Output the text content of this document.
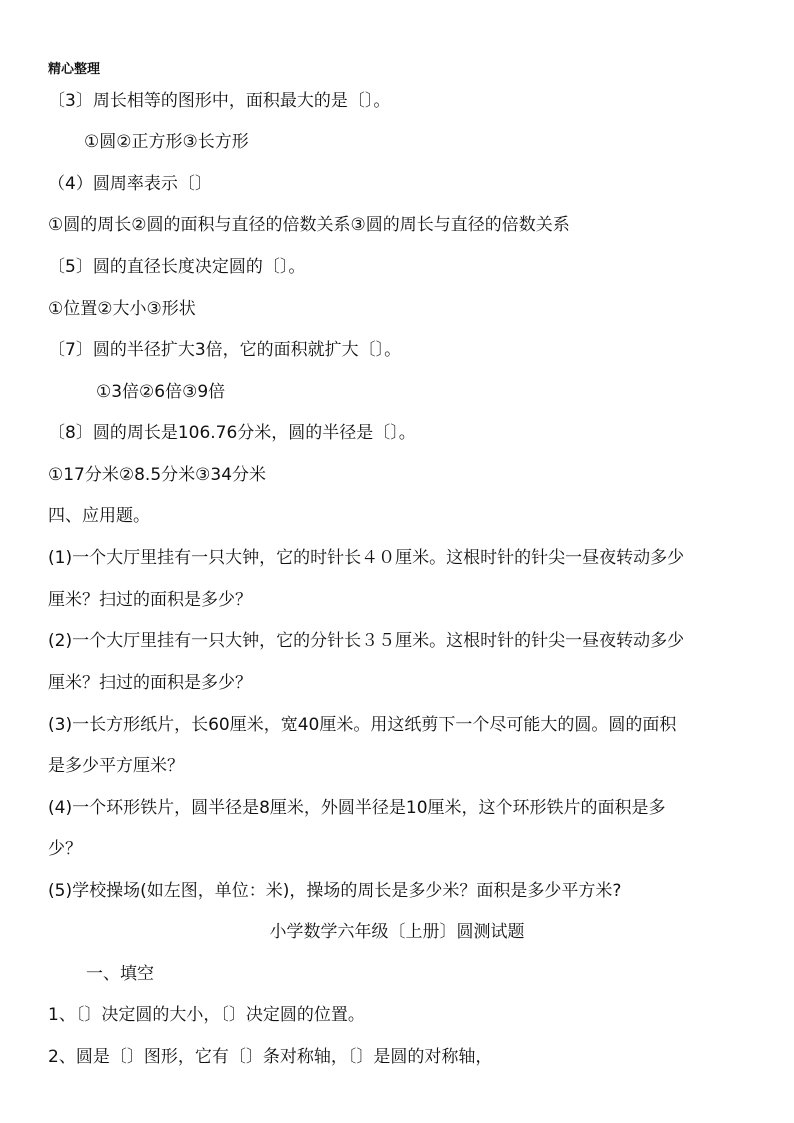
精心整理
〔3〕周长相等的图形中，面积最大的是〔〕。
①圆②正方形③长方形
（4）圆周率表示〔〕
①圆的周长②圆的面积与直径的倍数关系③圆的周长与直径的倍数关系
〔5〕圆的直径长度决定圆的〔〕。
①位置②大小③形状
〔7〕圆的半径扩大3倍，它的面积就扩大〔〕。
①3倍②6倍③9倍
〔8〕圆的周长是106.76分米，圆的半径是〔〕。
①17分米②8.5分米③34分米
四、应用题。
(1)一个大厅里挂有一只大钟，它的时针长４０厘米。这根时针的针尖一昼夜转动多少
厘米？扫过的面积是多少？
(2)一个大厅里挂有一只大钟，它的分针长３５厘米。这根时针的针尖一昼夜转动多少
厘米？扫过的面积是多少？
(3)一长方形纸片，长60厘米，宽40厘米。用这纸剪下一个尽可能大的圆。圆的面积
是多少平方厘米？
(4)一个环形铁片，圆半径是8厘米，外圆半径是10厘米，这个环形铁片的面积是多
少？
(5)学校操场(如左图，单位：米)，操场的周长是多少米？面积是多少平方米?
小学数学六年级〔上册〕圆测试题
一、填空
1、〔〕决定圆的大小，〔〕决定圆的位置。
2、圆是〔〕图形，它有〔〕条对称轴，〔〕是圆的对称轴，
